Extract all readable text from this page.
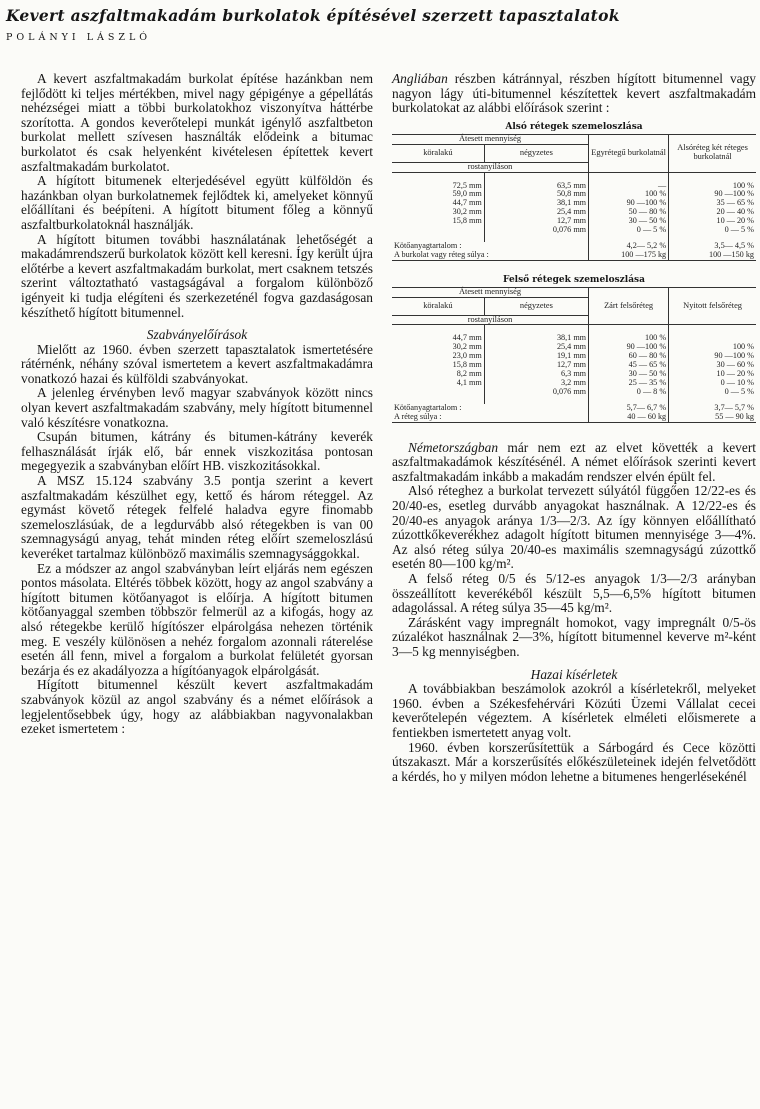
Kevert aszfaltmakadám burkolatok építésével szerzett tapasztalatok
POLÁNYI LÁSZLÓ

A kevert aszfaltmakadám burkolat építése hazánkban nem fejlődött ki teljes mértékben, mivel nagy gépigénye a gépellátás nehézségei miatt a többi burkolatokhoz viszonyítva háttérbe szorította. A gondos keverőtelepi munkát igénylő aszfaltbeton burkolat mellett szívesen használták elődeink a bitumac burkolatot és csak helyenként kivételesen építettek kevert aszfaltmakadám burkolatot.

A hígított bitumenek elterjedésével együtt külföldön és hazánkban olyan burkolatnemek fejlődtek ki, amelyeket könnyű előállítani és beépíteni. A hígított bitument főleg a könnyű aszfaltburkolatoknál használják.

A hígított bitumen további használatának lehetőségét a makadámrendszerű burkolatok között kell keresni. Így került újra előtérbe a kevert aszfaltmakadám burkolat, mert csaknem tetszés szerint változtatható vastagságával a forgalom különböző igényeit ki tudja elégíteni és szerkezeténél fogva gazdaságosan készíthető hígított bitumennel.

Szabványelőírások

Mielőtt az 1960. évben szerzett tapasztalatok ismertetésére rátérnénk, néhány szóval ismertetem a kevert aszfaltmakadámra vonatkozó hazai és külföldi szabványokat.

A jelenleg érvényben levő magyar szabványok között nincs olyan kevert aszfaltmakadám szabvány, mely hígított bitumennel való készítésre vonatkozna.

Csupán bitumen, kátrány és bitumen-kátrány keverék felhasználását írják elő, bár ennek viszkozitása pontosan megegyezik a szabványban előírt HB. viszkozitásokkal.

A MSZ 15.124 szabvány 3.5 pontja szerint a kevert aszfaltmakadám készülhet egy, kettő és három réteggel. Az egymást követő rétegek felfelé haladva egyre finomabb szemeloszlásúak, de a legdurvább alsó rétegekben is van 00 szemnagyságú anyag, tehát minden réteg előírt szemeloszlású keveréket tartalmaz különböző maximális szemnagysággokkal.

Ez a módszer az angol szabványban leírt eljárás nem egészen pontos másolata. Eltérés többek között, hogy az angol szabvány a hígított bitumen kötőanyagot is előírja. A hígított bitumen kötőanyaggal szemben többször felmerül az a kifogás, hogy az alsó rétegekbe kerülő hígítószer elpárolgása nehezen történik meg. E veszély különösen a nehéz forgalom azonnali ráterelése esetén áll fenn, mivel a forgalom a burkolat felületét gyorsan bezárja és ez akadályozza a hígítóanyagok elpárolgását.

Hígított bitumennel készült kevert aszfaltmakadám szabványok közül az angol szabvány és a német előírások a legjelentősebbek úgy, hogy az alábbiakban nagyvonalakban ezeket ismertetem :

Angliában részben kátránnyal, részben hígított bitumennel vagy nagyon lágy úti-bitumennel készítettek kevert aszfaltmakadám burkolatokat az alábbi előírások szerint :

Alsó rétegek szemeloszlása
Átesett mennyiség		Egyrétegű burkolatnál	Alsóréteg két réteges burkolatnál
köralakú	négyzetes		
rostanyiláson			

72,5 mm	63,5 mm	—	100 %
59,0 mm	50,8 mm	100 %	90 —100 %
44,7 mm	38,1 mm	90 —100 %	35 — 65 %
30,2 mm	25,4 mm	50 — 80 %	20 — 40 %
15,8 mm	12,7 mm	30 — 50 %	10 — 20 %
	0,076 mm	0 — 5 %	0 — 5 %

Kötőanyagtartalom :		4,2— 5,2 %	3,5— 4,5 %
A burkolat vagy réteg súlya :		100 —175 kg	100 —150 kg
Felső rétegek szemeloszlása
Átesett mennyiség		Zárt felsőréteg	Nyitott felsőréteg
köralakú	négyzetes		
rostanyiláson			

44,7 mm	38,1 mm	100 %	
30,2 mm	25,4 mm	90 —100 %	100 %
23,0 mm	19,1 mm	60 — 80 %	90 —100 %
15,8 mm	12,7 mm	45 — 65 %	30 — 60 %
8,2 mm	6,3 mm	30 — 50 %	10 — 20 %
4,1 mm	3,2 mm	25 — 35 %	0 — 10 %
	0,076 mm	0 — 8 %	0 — 5 %

Kötőanyagtartalom :		5,7— 6,7 %	3,7— 5,7 %
A réteg súlya :		40 — 60 kg	55 — 90 kg

Németországban már nem ezt az elvet követték a kevert aszfaltmakadámok készítésénél. A német előírások szerinti kevert aszfaltmakadám inkább a makadám rendszer elvén épült fel.

Alsó réteghez a burkolat tervezett súlyától függően 12/22-es és 20/40-es, esetleg durvább anyagokat használnak. A 12/22-es és 20/40-es anyagok aránya 1/3—2/3. Az így könnyen előállítható zúzottkőkeverékhez adagolt hígított bitumen mennyisége 3—4%. Az alsó réteg súlya 20/40-es maximális szemnagyságú zúzottkő esetén 80—100 kg/m².

A felső réteg 0/5 és 5/12-es anyagok 1/3—2/3 arányban összeállított keverékéből készült 5,5—6,5% hígított bitumen adagolással. A réteg súlya 35—45 kg/m².

Zárásként vagy impregnált homokot, vagy impregnált 0/5-ös zúzalékot használnak 2—3%, hígított bitumennel keverve m²-ként 3—5 kg mennyiségben.

Hazai kísérletek

A továbbiakban beszámolok azokról a kísérletekről, melyeket 1960. évben a Székesfehérvári Közúti Üzemi Vállalat cecei keverőtelepén végeztem. A kísérletek elméleti előismerete a fentiekben ismertetett anyag volt.

1960. évben korszerűsítettük a Sárbogárd és Cece közötti útszakaszt. Már a korszerűsítés előkészületeinek idején felvetődött a kérdés, ho y milyen módon lehetne a bitumenes hengerlésekénél
